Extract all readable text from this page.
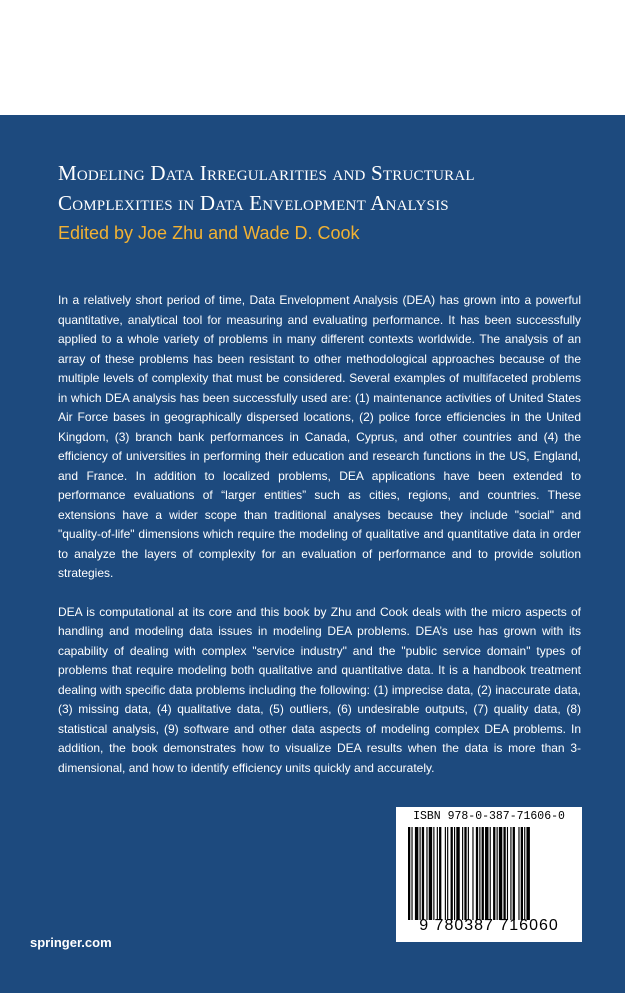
Modeling Data Irregularities and Structural Complexities in Data Envelopment Analysis
Edited by Joe Zhu and Wade D. Cook

In a relatively short period of time, Data Envelopment Analysis (DEA) has grown into a powerful quantitative, analytical tool for measuring and evaluating performance. It has been successfully applied to a whole variety of problems in many different contexts worldwide. The analysis of an array of these problems has been resistant to other methodological approaches because of the multiple levels of complexity that must be considered. Several examples of multifaceted problems in which DEA analysis has been successfully used are: (1) maintenance activities of United States Air Force bases in geographically dispersed locations, (2) police force efficiencies in the United Kingdom, (3) branch bank performances in Canada, Cyprus, and other countries and (4) the efficiency of universities in performing their education and research functions in the US, England, and France. In addition to localized problems, DEA applications have been extended to performance evaluations of “larger entities” such as cities, regions, and countries. These extensions have a wider scope than traditional analyses because they include "social" and "quality-of-life" dimensions which require the modeling of qualitative and quantitative data in order to analyze the layers of complexity for an evaluation of performance and to provide solution strategies.

DEA is computational at its core and this book by Zhu and Cook deals with the micro aspects of handling and modeling data issues in modeling DEA problems. DEA’s use has grown with its capability of dealing with complex "service industry" and the "public service domain" types of problems that require modeling both qualitative and quantitative data. It is a handbook treatment dealing with specific data problems including the following: (1) imprecise data, (2) inaccurate data, (3) missing data, (4) qualitative data, (5) outliers, (6) undesirable outputs, (7) quality data, (8) statistical analysis, (9) software and other data aspects of modeling complex DEA problems. In addition, the book demonstrates how to visualize DEA results when the data is more than 3-dimensional, and how to identify efficiency units quickly and accurately.

ISBN 978-0-387-71606-0
9 780387 716060
springer.com
